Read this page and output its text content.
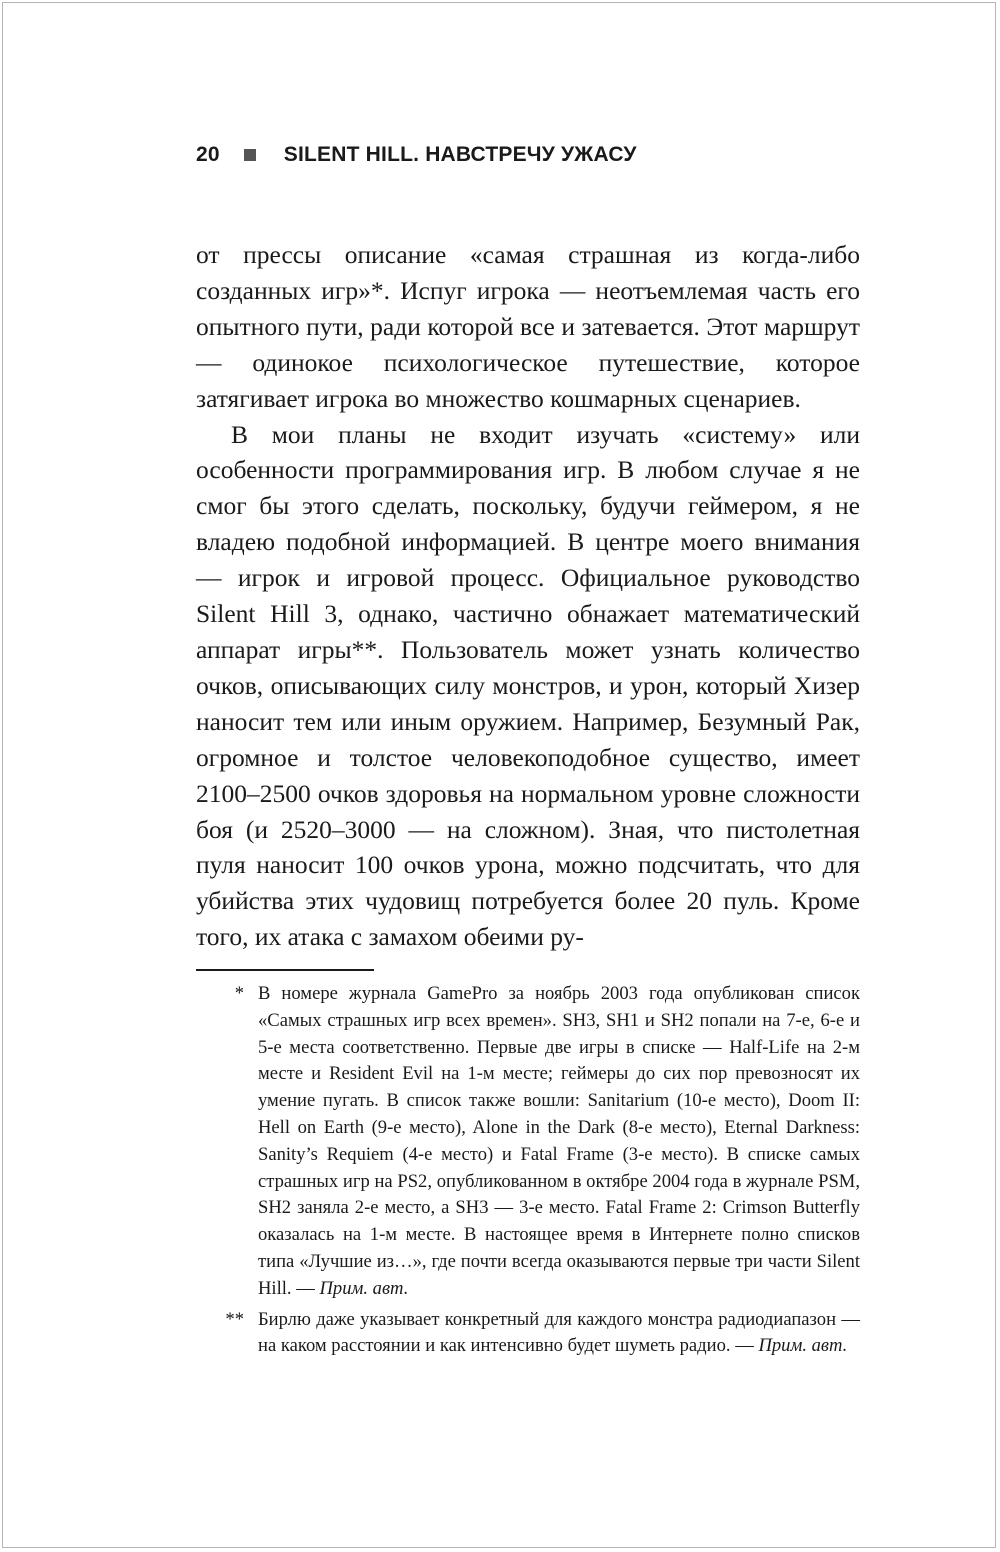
20	SILENT HILL. НАВСТРЕЧУ УЖАСУ

от прессы описание «самая страшная из когда-либо созданных игр»*. Испуг игрока — неотъемлемая часть его опытного пути, ради которой все и затевается. Этот маршрут — одинокое психологическое путешествие, которое затягивает игрока во множество кошмарных сценариев.

В мои планы не входит изучать «систему» или особенности программирования игр. В любом случае я не смог бы этого сделать, поскольку, будучи геймером, я не владею подобной информацией. В центре моего внимания — игрок и игровой процесс. Официальное руководство Silent Hill 3, однако, частично обнажает математический аппарат игры**. Пользователь может узнать количество очков, описывающих силу монстров, и урон, который Хизер наносит тем или иным оружием. Например, Безумный Рак, огромное и толстое человекоподобное существо, имеет 2100–2500 очков здоровья на нормальном уровне сложности боя (и 2520–3000 — на сложном). Зная, что пистолетная пуля наносит 100 очков урона, можно подсчитать, что для убийства этих чудовищ потребуется более 20 пуль. Кроме того, их атака с замахом обеими ру-

* В номере журнала GamePro за ноябрь 2003 года опубликован список «Самых страшных игр всех времен». SH3, SH1 и SH2 попали на 7-е, 6-е и 5-е места соответственно. Первые две игры в списке — Half-Life на 2-м месте и Resident Evil на 1-м месте; геймеры до сих пор превозносят их умение пугать. В список также вошли: Sanitarium (10-е место), Doom II: Hell on Earth (9-е место), Alone in the Dark (8-е место), Eternal Darkness: Sanity’s Requiem (4-е место) и Fatal Frame (3-е место). В списке самых страшных игр на PS2, опубликованном в октябре 2004 года в журнале PSM, SH2 заняла 2-е место, а SH3 — 3-е место. Fatal Frame 2: Crimson Butterfly оказалась на 1-м месте. В настоящее время в Интернете полно списков типа «Лучшие из…», где почти всегда оказываются первые три части Silent Hill. — Прим. авт.
** Бирлю даже указывает конкретный для каждого монстра радиодиапазон — на каком расстоянии и как интенсивно будет шуметь радио. — Прим. авт.
